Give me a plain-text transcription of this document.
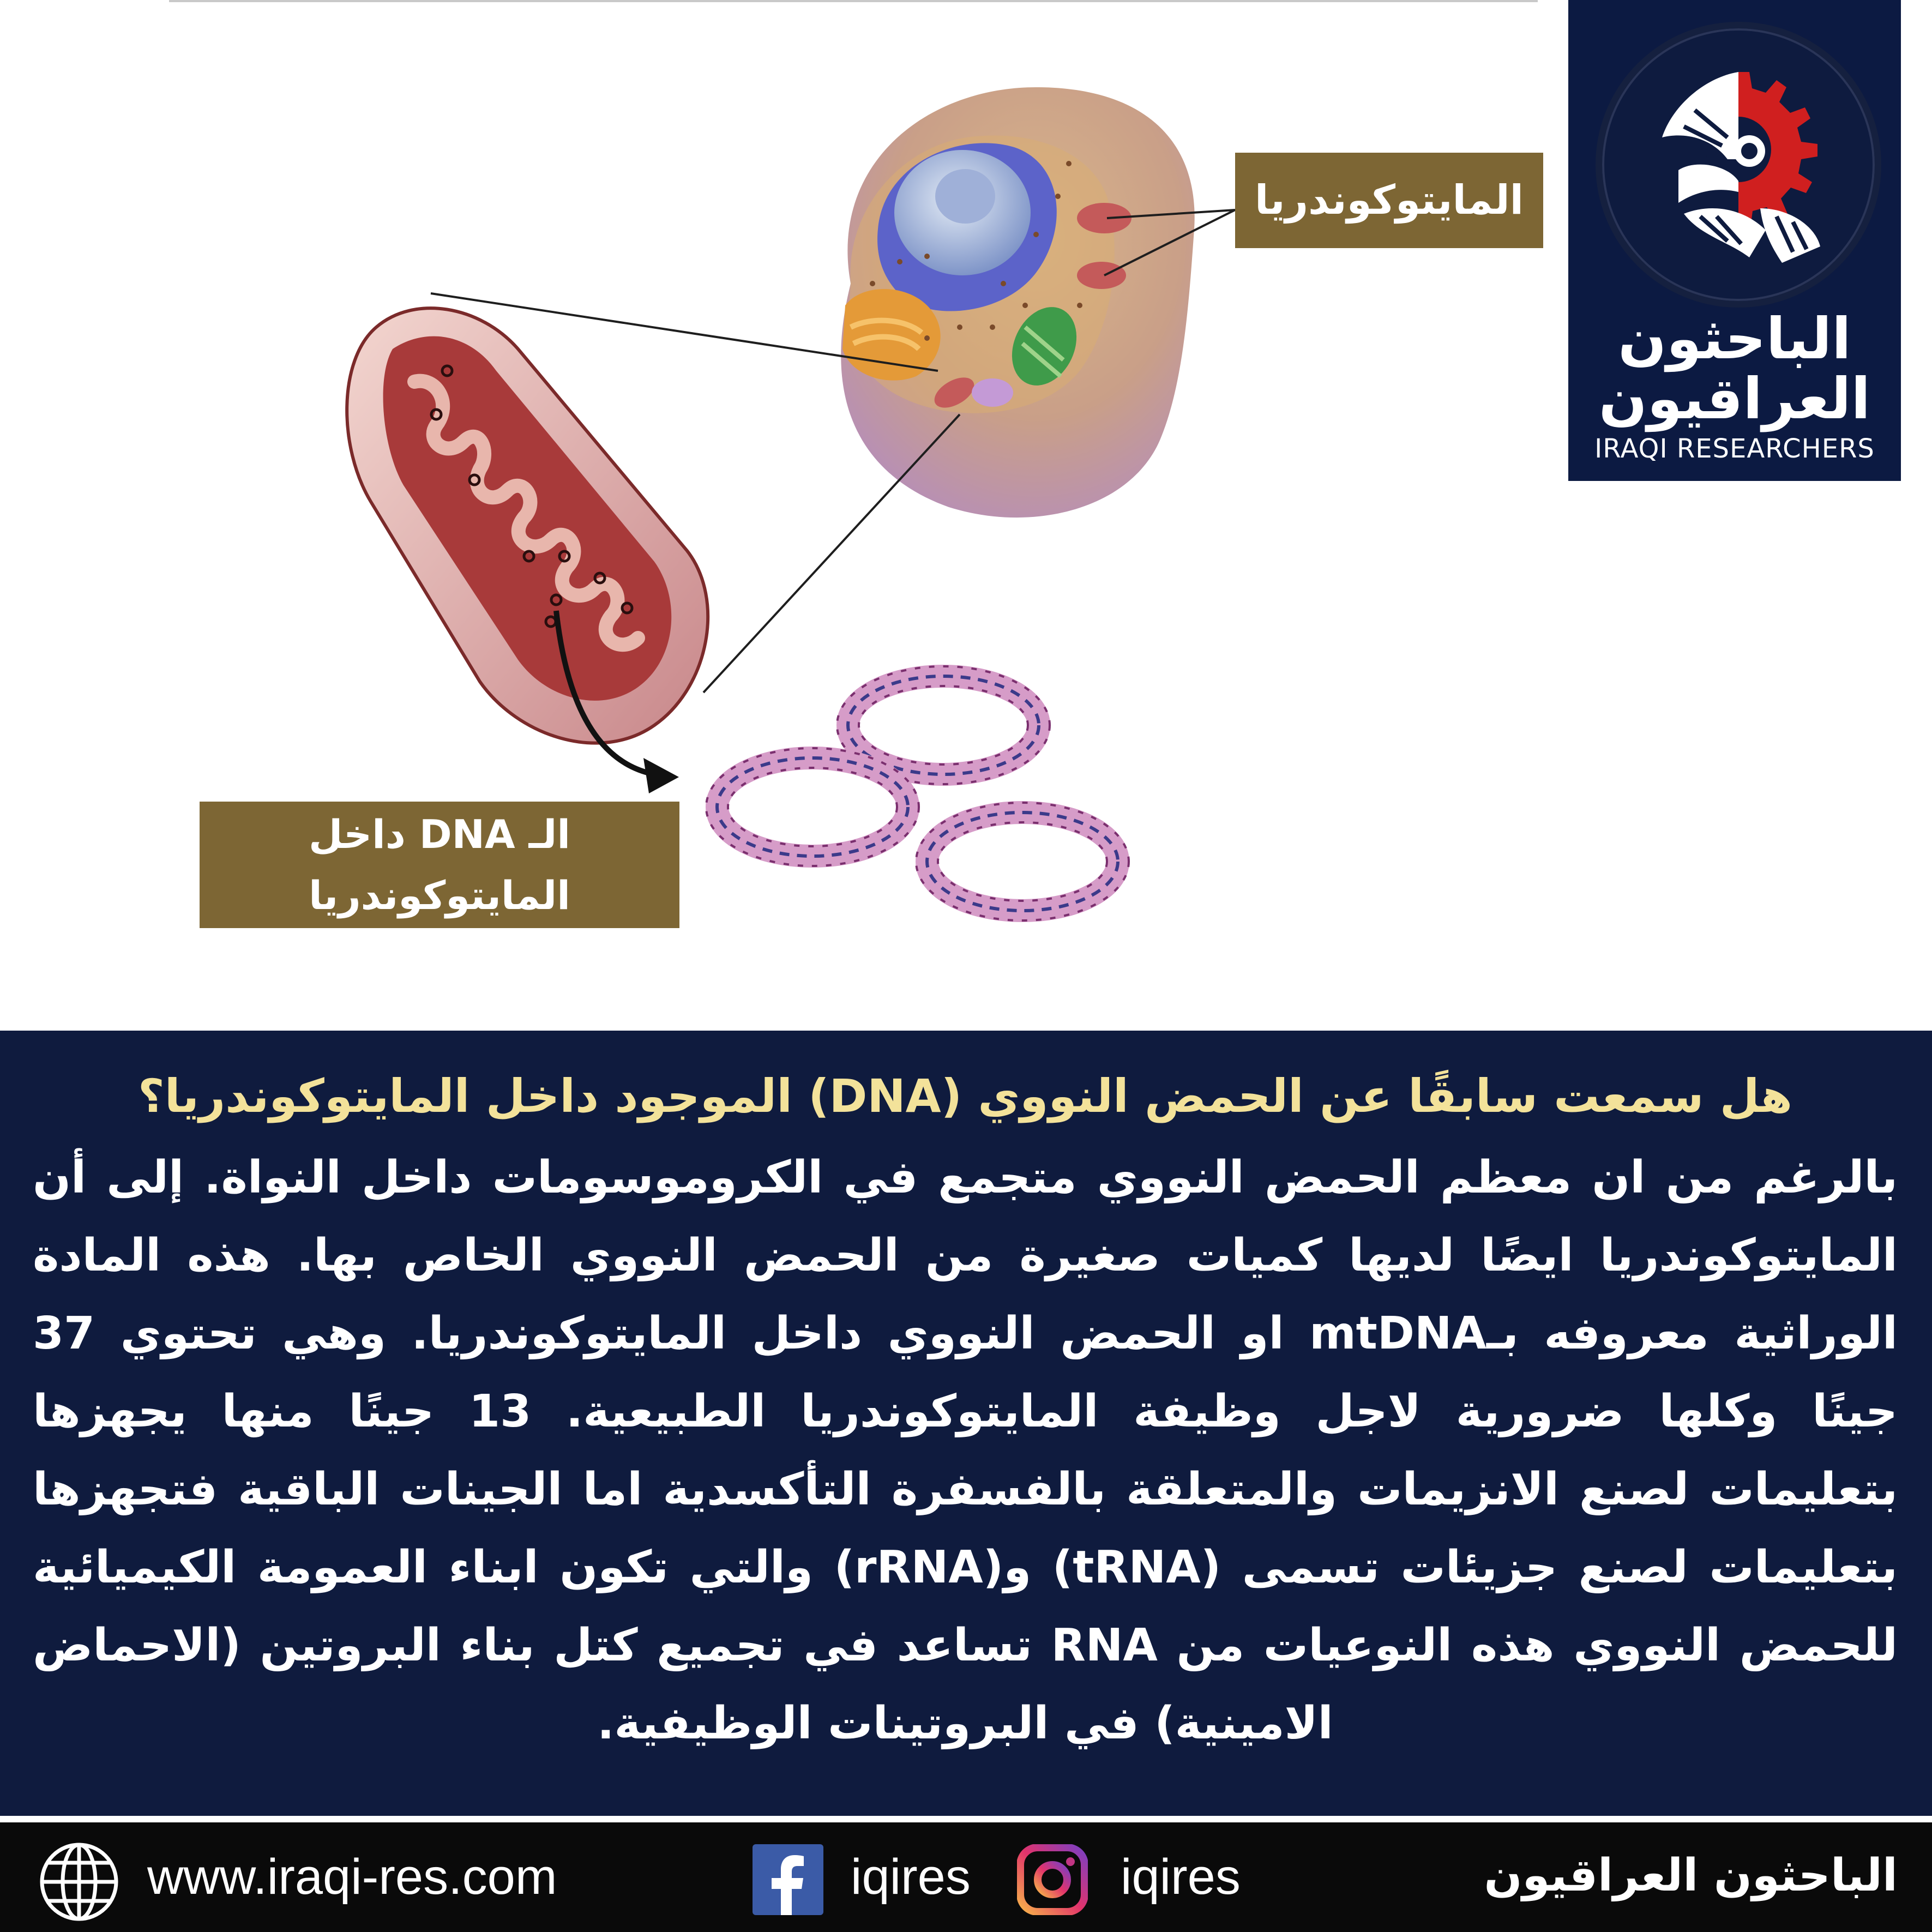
المايتوكوندريا
الـ DNA داخل
المايتوكوندريا
الباحثون
العراقيون
IRAQI RESEARCHERS
هل سمعت سابقًا عن الحمض النووي (DNA) الموجود داخل المايتوكوندريا؟
بالرغم من ان معظم الحمض النووي متجمع في الكروموسومات داخل النواة. إلى أن المايتوكوندريا ايضًا لديها كميات صغيرة من الحمض النووي الخاص بها. هذه المادة الوراثية معروفه بـmtDNA او الحمض النووي داخل المايتوكوندريا. وهي تحتوي 37 جينًا وكلها ضرورية لاجل وظيفة المايتوكوندريا الطبيعية. 13 جينًا منها يجهزها بتعليمات لصنع الانزيمات والمتعلقة بالفسفرة التأكسدية اما الجينات الباقية فتجهزها بتعليمات لصنع جزيئات تسمى (tRNA) و(rRNA) والتي تكون ابناء العمومة الكيميائية للحمض النووي هذه النوعيات من RNA تساعد في تجميع كتل بناء البروتين (الاحماض الامينية) في البروتينات الوظيفية.
www.iraqi-res.com	iqires	iqires	الباحثون العراقيون
